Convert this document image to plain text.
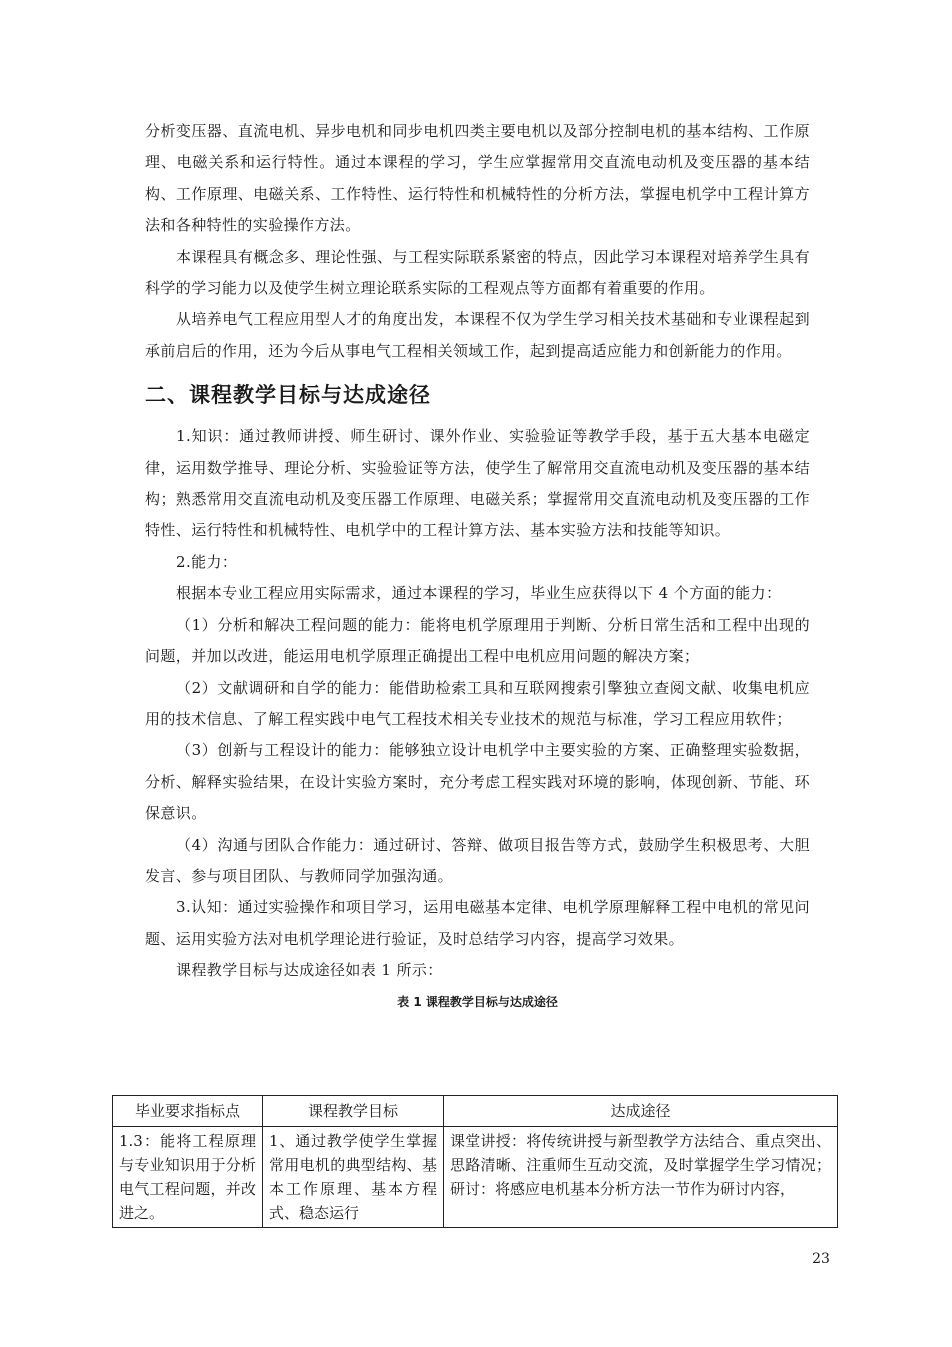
分析变压器、直流电机、异步电机和同步电机四类主要电机以及部分控制电机的基本结构、工作原理、电磁关系和运行特性。通过本课程的学习，学生应掌握常用交直流电动机及变压器的基本结构、工作原理、电磁关系、工作特性、运行特性和机械特性的分析方法，掌握电机学中工程计算方法和各种特性的实验操作方法。

本课程具有概念多、理论性强、与工程实际联系紧密的特点，因此学习本课程对培养学生具有科学的学习能力以及使学生树立理论联系实际的工程观点等方面都有着重要的作用。

从培养电气工程应用型人才的角度出发，本课程不仅为学生学习相关技术基础和专业课程起到承前启后的作用，还为今后从事电气工程相关领域工作，起到提高适应能力和创新能力的作用。

二、课程教学目标与达成途径

1.知识：通过教师讲授、师生研讨、课外作业、实验验证等教学手段，基于五大基本电磁定律，运用数学推导、理论分析、实验验证等方法，使学生了解常用交直流电动机及变压器的基本结构；熟悉常用交直流电动机及变压器工作原理、电磁关系；掌握常用交直流电动机及变压器的工作特性、运行特性和机械特性、电机学中的工程计算方法、基本实验方法和技能等知识。

2.能力：

根据本专业工程应用实际需求，通过本课程的学习，毕业生应获得以下 4 个方面的能力：

（1）分析和解决工程问题的能力：能将电机学原理用于判断、分析日常生活和工程中出现的问题，并加以改进，能运用电机学原理正确提出工程中电机应用问题的解决方案；

（2）文献调研和自学的能力：能借助检索工具和互联网搜索引擎独立查阅文献、收集电机应用的技术信息、了解工程实践中电气工程技术相关专业技术的规范与标准，学习工程应用软件；

（3）创新与工程设计的能力：能够独立设计电机学中主要实验的方案、正确整理实验数据，分析、解释实验结果，在设计实验方案时，充分考虑工程实践对环境的影响，体现创新、节能、环保意识。

（4）沟通与团队合作能力：通过研讨、答辩、做项目报告等方式，鼓励学生积极思考、大胆发言、参与项目团队、与教师同学加强沟通。

3.认知：通过实验操作和项目学习，运用电磁基本定律、电机学原理解释工程中电机的常见问题、运用实验方法对电机学理论进行验证，及时总结学习内容，提高学习效果。

课程教学目标与达成途径如表 1 所示：

表 1 课程教学目标与达成途径
毕业要求指标点	课程教学目标	达成途径
1.3：能将工程原理与专业知识用于分析电气工程问题，并改进之。	1、通过教学使学生掌握常用电机的典型结构、基本工作原理、基本方程式、稳态运行	课堂讲授：将传统讲授与新型教学方法结合、重点突出、思路清晰、注重师生互动交流，及时掌握学生学习情况；研讨：将感应电机基本分析方法一节作为研讨内容，
23
